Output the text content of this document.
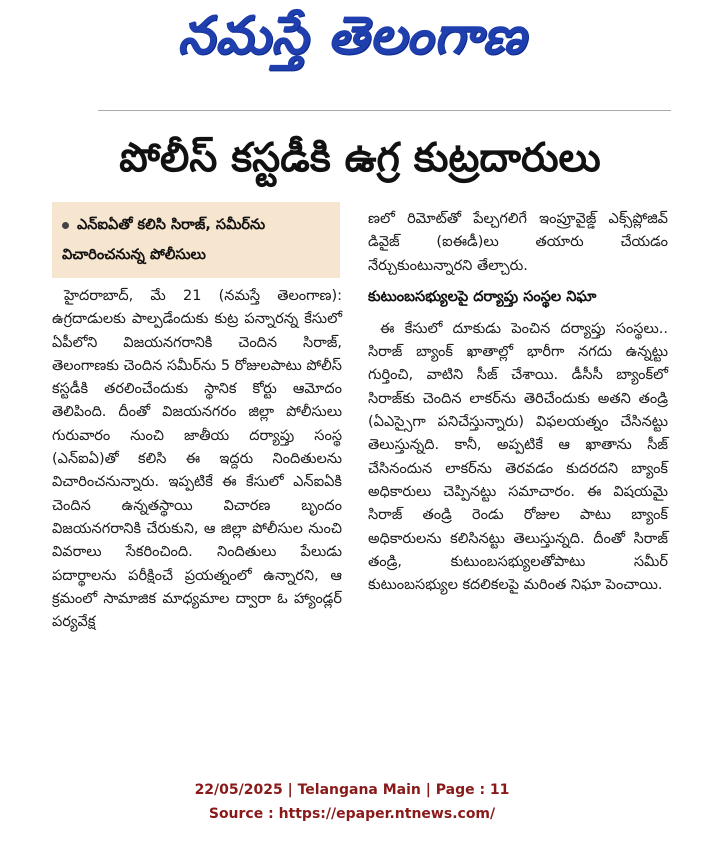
నమస్తే తెలంగాణ
పోలీస్ కస్టడీకి ఉగ్ర కుట్రదారులు

ఎన్ఐఏతో కలిసి సిరాజ్, సమీర్‌ను విచారించనున్న పోలీసులు

హైదరాబాద్, మే 21 (నమస్తే తెలంగాణ): ఉగ్రదాడులకు పాల్పడేందుకు కుట్ర పన్నారన్న కేసులో ఏపీలోని విజయనగరానికి చెందిన సిరాజ్, తెలంగాణకు చెందిన సమీర్‌ను 5 రోజులపాటు పోలీస్ కస్టడీకి తరలించేందుకు స్థానిక కోర్టు ఆమోదం తెలిపింది. దీంతో విజయనగరం జిల్లా పోలీసులు గురువారం నుంచి జాతీయ దర్యాప్తు సంస్థ (ఎన్ఐఏ)తో కలిసి ఈ ఇద్దరు నిందితులను విచారించనున్నారు. ఇప్పటికే ఈ కేసులో ఎన్ఐఏకి చెందిన ఉన్నతస్థాయి విచారణ బృందం విజయనగరానికి చేరుకుని, ఆ జిల్లా పోలీసుల నుంచి వివరాలు సేకరించింది. నిందితులు పేలుడు పదార్థాలను పరీక్షించే ప్రయత్నంలో ఉన్నారని, ఆ క్రమంలో సామాజిక మాధ్యమాల ద్వారా ఓ హ్యాండ్లర్ పర్యవేక్ష

ణలో రిమోట్‌తో పేల్చగలిగే ఇంప్రూవైజ్డ్ ఎక్స్‌ప్లోజివ్ డివైజ్ (ఐఈడీ)లు తయారు చేయడం నేర్చుకుంటున్నారని తేల్చారు.

కుటుంబసభ్యులపై దర్యాప్తు సంస్థల నిఘా

ఈ కేసులో దూకుడు పెంచిన దర్యాప్తు సంస్థలు.. సిరాజ్ బ్యాంక్ ఖాతాల్లో భారీగా నగదు ఉన్నట్టు గుర్తించి, వాటిని సీజ్ చేశాయి. డీసీసీ బ్యాంక్‌లో సిరాజ్‌కు చెందిన లాకర్‌ను తెరిచేందుకు అతని తండ్రి (ఏఎస్సైగా పనిచేస్తున్నారు) విఫలయత్నం చేసినట్టు తెలుస్తున్నది. కానీ, అప్పటికే ఆ ఖాతాను సీజ్ చేసినందున లాకర్‌ను తెరవడం కుదరదని బ్యాంక్ అధికారులు చెప్పినట్టు సమాచారం. ఈ విషయమై సిరాజ్ తండ్రి రెండు రోజుల పాటు బ్యాంక్ అధికారులను కలిసినట్టు తెలుస్తున్నది. దీంతో సిరాజ్ తండ్రి, కుటుంబసభ్యులతోపాటు సమీర్ కుటుంబసభ్యుల కదలికలపై మరింత నిఘా పెంచాయి.

22/05/2025 | Telangana Main | Page : 11
Source : https://epaper.ntnews.com/
